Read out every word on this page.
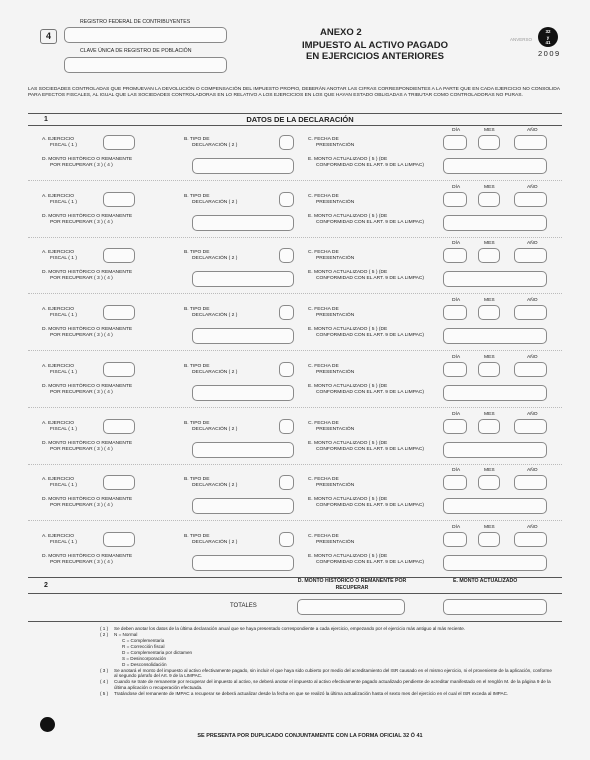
4
REGISTRO FEDERAL DE CONTRIBUYENTES
CLAVE ÚNICA DE REGISTRO DE POBLACIÓN
ANEXO 2
IMPUESTO AL ACTIVO PAGADO EN EJERCICIOS ANTERIORES
ANVERSO
32
y
41
2009
LAS SOCIEDADES CONTROLADAS QUE PROMUEVAN LA DEVOLUCIÓN O COMPENSACIÓN DEL IMPUESTO PROPIO, DEBERÁN ANOTAR LAS CIFRAS CORRESPONDIENTES A LA PARTE QUE EN CADA EJERCICIO NO CONSOLIDA PARA EFECTOS FISCALES, AL IGUAL QUE LAS SOCIEDADES CONTROLADORAS EN LO RELATIVO A LOS EJERCICIOS EN LOS QUE HAYAN ESTADO OBLIGADAS A TRIBUTAR COMO CONTROLADORAS NO PURAS.
1	DATOS DE LA DECLARACIÓN
DÍA	MES	AÑO
A. EJERCICIO
FISCAL ( 1 )
B. TIPO DE
DECLARACIÓN ( 2 )
C. FECHA DE
PRESENTACIÓN
D. MONTO HISTÓRICO O REMANENTE
POR RECUPERAR ( 3 ) ( 4 )
E. MONTO ACTUALIZADO ( 5 ) (DE
CONFORMIDAD CON EL ART. 9 DE LA LIMPAC)
DÍA	MES	AÑO
A. EJERCICIO
FISCAL ( 1 )
B. TIPO DE
DECLARACIÓN ( 2 )
C. FECHA DE
PRESENTACIÓN
D. MONTO HISTÓRICO O REMANENTE
POR RECUPERAR ( 3 ) ( 4 )
E. MONTO ACTUALIZADO ( 5 ) (DE
CONFORMIDAD CON EL ART. 9 DE LA LIMPAC)
DÍA	MES	AÑO
A. EJERCICIO
FISCAL ( 1 )
B. TIPO DE
DECLARACIÓN ( 2 )
C. FECHA DE
PRESENTACIÓN
D. MONTO HISTÓRICO O REMANENTE
POR RECUPERAR ( 3 ) ( 4 )
E. MONTO ACTUALIZADO ( 5 ) (DE
CONFORMIDAD CON EL ART. 9 DE LA LIMPAC)
DÍA	MES	AÑO
A. EJERCICIO
FISCAL ( 1 )
B. TIPO DE
DECLARACIÓN ( 2 )
C. FECHA DE
PRESENTACIÓN
D. MONTO HISTÓRICO O REMANENTE
POR RECUPERAR ( 3 ) ( 4 )
E. MONTO ACTUALIZADO ( 5 ) (DE
CONFORMIDAD CON EL ART. 9 DE LA LIMPAC)
DÍA	MES	AÑO
A. EJERCICIO
FISCAL ( 1 )
B. TIPO DE
DECLARACIÓN ( 2 )
C. FECHA DE
PRESENTACIÓN
D. MONTO HISTÓRICO O REMANENTE
POR RECUPERAR ( 3 ) ( 4 )
E. MONTO ACTUALIZADO ( 5 ) (DE
CONFORMIDAD CON EL ART. 9 DE LA LIMPAC)
DÍA	MES	AÑO
A. EJERCICIO
FISCAL ( 1 )
B. TIPO DE
DECLARACIÓN ( 2 )
C. FECHA DE
PRESENTACIÓN
D. MONTO HISTÓRICO O REMANENTE
POR RECUPERAR ( 3 ) ( 4 )
E. MONTO ACTUALIZADO ( 5 ) (DE
CONFORMIDAD CON EL ART. 9 DE LA LIMPAC)
DÍA	MES	AÑO
A. EJERCICIO
FISCAL ( 1 )
B. TIPO DE
DECLARACIÓN ( 2 )
C. FECHA DE
PRESENTACIÓN
D. MONTO HISTÓRICO O REMANENTE
POR RECUPERAR ( 3 ) ( 4 )
E. MONTO ACTUALIZADO ( 5 ) (DE
CONFORMIDAD CON EL ART. 9 DE LA LIMPAC)
DÍA	MES	AÑO
A. EJERCICIO
FISCAL ( 1 )
B. TIPO DE
DECLARACIÓN ( 2 )
C. FECHA DE
PRESENTACIÓN
D. MONTO HISTÓRICO O REMANENTE
POR RECUPERAR ( 3 ) ( 4 )
E. MONTO ACTUALIZADO ( 5 ) (DE
CONFORMIDAD CON EL ART. 9 DE LA LIMPAC)
2
D. MONTO HISTÓRICO O REMANENTE POR RECUPERAR
E. MONTO ACTUALIZADO
TOTALES
( 1 ) Se deben anotar los datos de la última declaración anual que se haya presentado correspondiente a cada ejercicio, empezando por el ejercicio más antiguo al más reciente.
( 2 ) N = Normal
C = Complementaria
R = Corrección fiscal
D = Complementaria por dictamen
S = Desincorporación
D = Desconsolidación
( 3 ) Se anotará el monto del impuesto al activo efectivamente pagado, sin incluir el que haya sido cubierto por medio del acreditamiento del ISR causado en el mismo ejercicio, ni el proveniente de la aplicación, conforme al segundo párrafo del Art. 9 de la LIMPAC.
( 4 ) Cuando se trate de remanente por recuperar del impuesto al activo, se deberá anotar el impuesto al activo efectivamente pagado actualizado pendiente de acreditar manifestado en el renglón M. de la página 9 de la última aplicación o recuperación efectuada.
( 5 ) Tratándose del remanente de IMPAC a recuperar se deberá actualizar desde la fecha en que se realizó la última actualización hasta el sexto mes del ejercicio en el cual el ISR exceda al IMPAC.
SE PRESENTA POR DUPLICADO CONJUNTAMENTE CON LA FORMA OFICIAL 32 Ó 41
